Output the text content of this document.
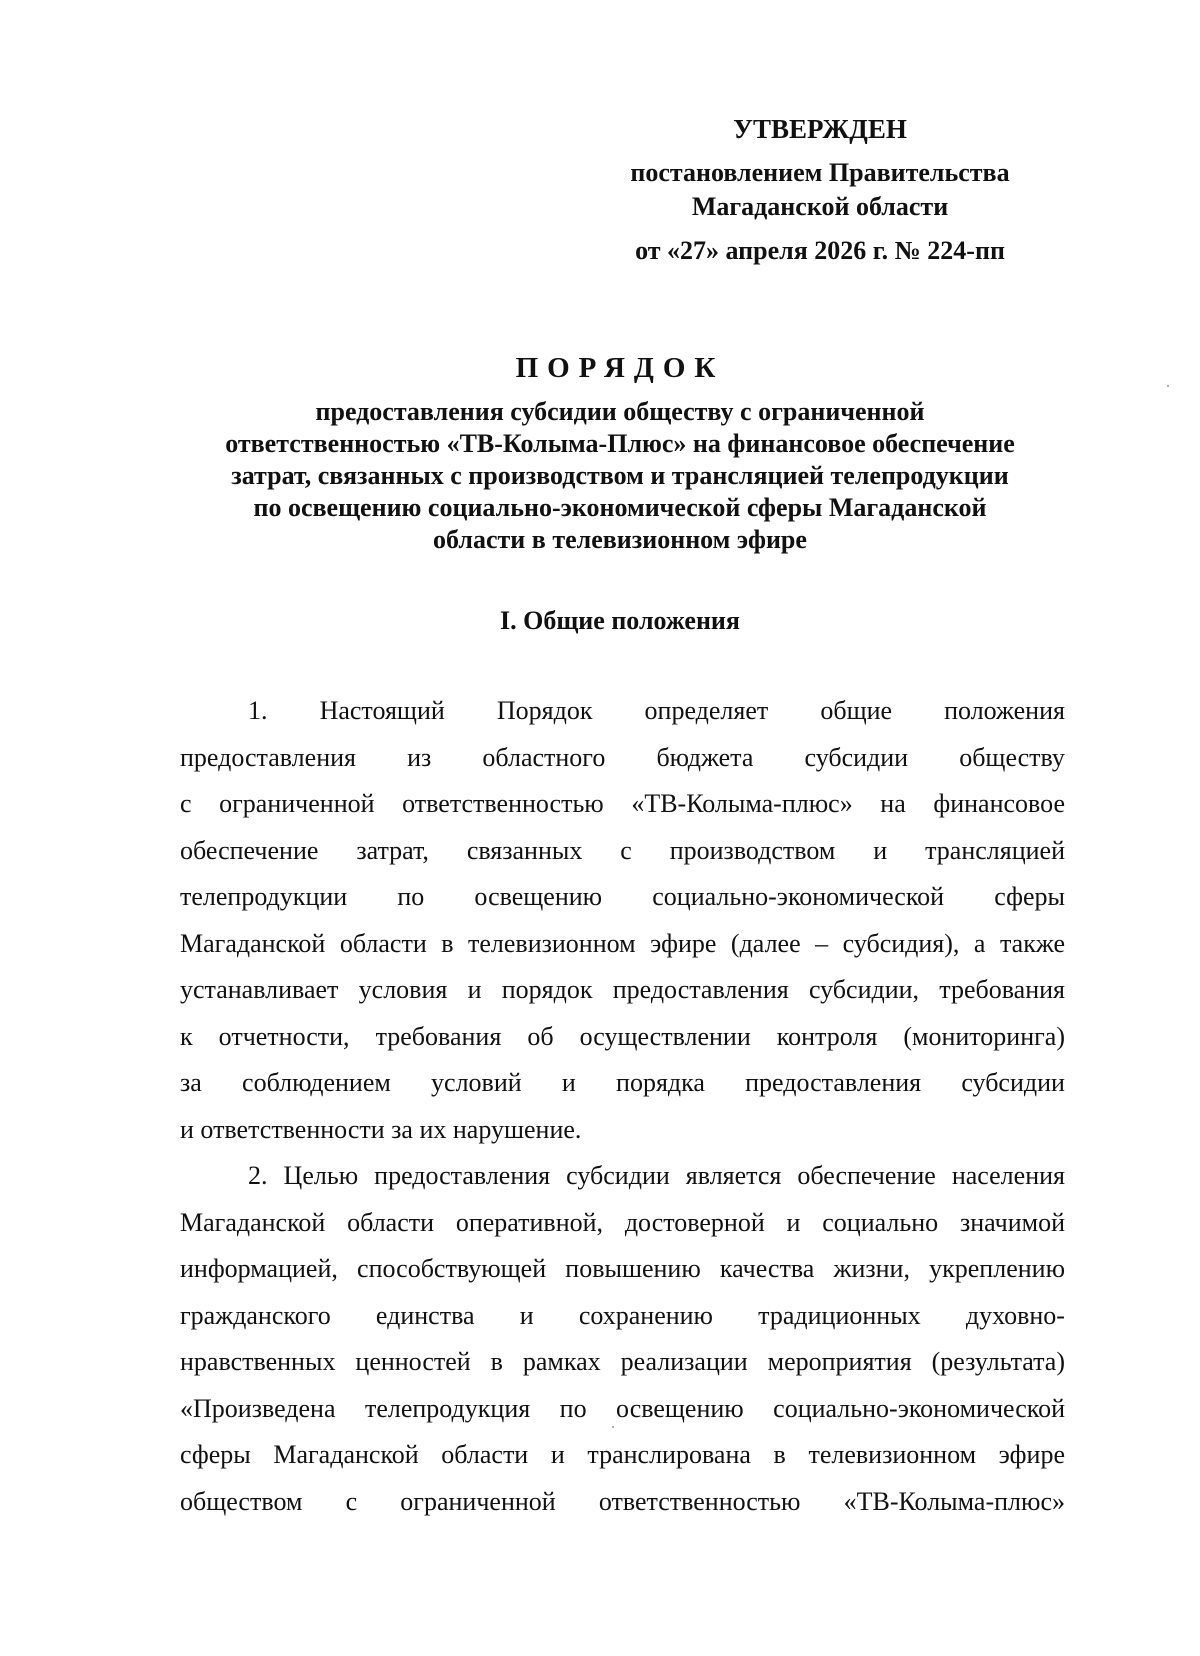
УТВЕРЖДЕН
постановлением Правительства
Магаданской области
от «27» апреля 2026 г. № 224-пп
ПОРЯДОК
предоставления субсидии обществу с ограниченной
ответственностью «ТВ-Колыма-Плюс» на финансовое обеспечение
затрат, связанных с производством и трансляцией телепродукции
по освещению социально-экономической сферы Магаданской
области в телевизионном эфире
I. Общие положения
1. Настоящий Порядок определяет общие положения
предоставления из областного бюджета субсидии обществу
с ограниченной ответственностью «ТВ-Колыма-плюс» на финансовое
обеспечение затрат, связанных с производством и трансляцией
телепродукции по освещению социально-экономической сферы
Магаданской области в телевизионном эфире (далее – субсидия), а также
устанавливает условия и порядок предоставления субсидии, требования
к отчетности, требования об осуществлении контроля (мониторинга)
за соблюдением условий и порядка предоставления субсидии
и ответственности за их нарушение.
2. Целью предоставления субсидии является обеспечение населения
Магаданской области оперативной, достоверной и социально значимой
информацией, способствующей повышению качества жизни, укреплению
гражданского единства и сохранению традиционных духовно-
нравственных ценностей в рамках реализации мероприятия (результата)
«Произведена телепродукция по освещению социально-экономической
сферы Магаданской области и транслирована в телевизионном эфире
обществом с ограниченной ответственностью «ТВ-Колыма-плюс»
